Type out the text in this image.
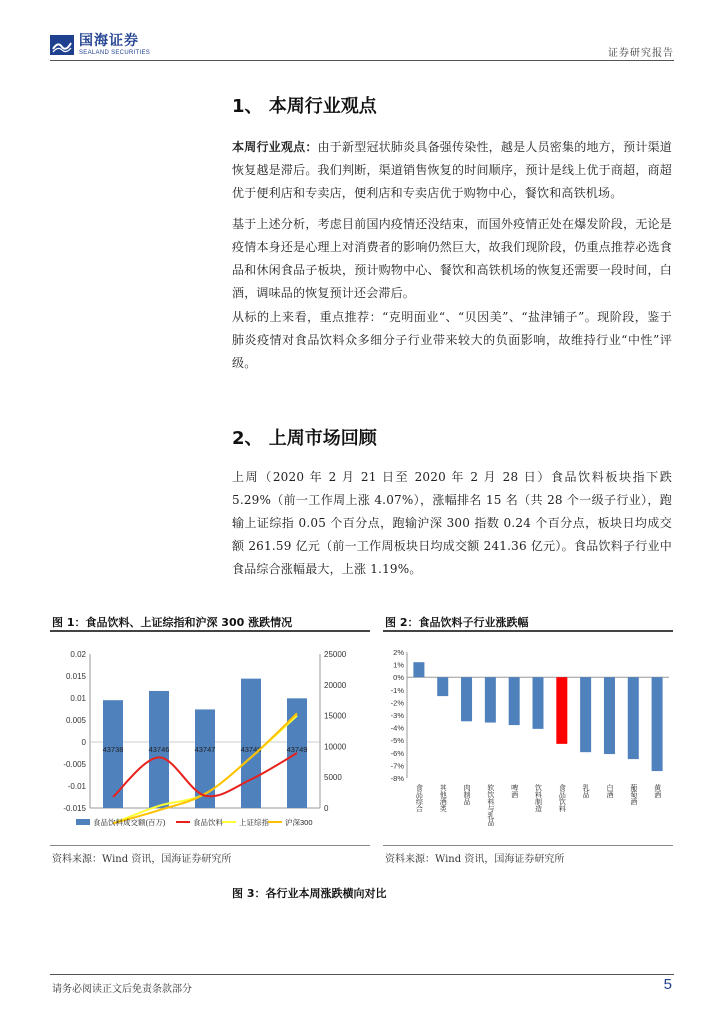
国海证券
SEALAND SECURITIES	证券研究报告
1、 本周行业观点

本周行业观点：由于新型冠状肺炎具备强传染性，越是人员密集的地方，预计渠道恢复越是滞后。我们判断，渠道销售恢复的时间顺序，预计是线上优于商超，商超优于便利店和专卖店，便利店和专卖店优于购物中心，餐饮和高铁机场。

基于上述分析，考虑目前国内疫情还没结束，而国外疫情正处在爆发阶段，无论是疫情本身还是心理上对消费者的影响仍然巨大，故我们现阶段，仍重点推荐必选食品和休闲食品子板块，预计购物中心、餐饮和高铁机场的恢复还需要一段时间，白酒，调味品的恢复预计还会滞后。

从标的上来看，重点推荐：“克明面业“、“贝因美”、“盐津铺子”。现阶段，鉴于肺炎疫情对食品饮料众多细分子行业带来较大的负面影响，故维持行业“中性”评级。

2、 上周市场回顾

上周（2020 年 2 月 21 日至 2020 年 2 月 28 日）食品饮料板块指下跌 5.29%（前一工作周上涨 4.07%），涨幅排名 15 名（共 28 个一级子行业），跑输上证综指 0.05 个百分点，跑输沪深 300 指数 0.24 个百分点，板块日均成交额 261.59 亿元（前一工作周板块日均成交额 241.36 亿元）。食品饮料子行业中食品综合涨幅最大，上涨 1.19%。

图 1：食品饮料、上证综指和沪深 300 涨跌情况
0.02
0.015
0.01
0.005
0
-0.005
-0.01
-0.015
25000
20000
15000
10000
5000
0
43738	43746	43747	43748	43749
食品饮料成交额(百万)	食品饮料 上证综指 沪深300
资料来源：Wind 资讯，国海证券研究所
图 2：食品饮料子行业涨跌幅
2%
1%
0%
-1%
-2%
-3%
-4%
-5%
-6%
-7%
-8%
食品综合 其他酒类 肉制品 软饮料与乳品 啤酒 饮料制造 食品饮料 乳品 白酒 葡萄酒 黄酒
资料来源：Wind 资讯，国海证券研究所
图 3：各行业本周涨跌横向对比
请务必阅读正文后免责条款部分	5
